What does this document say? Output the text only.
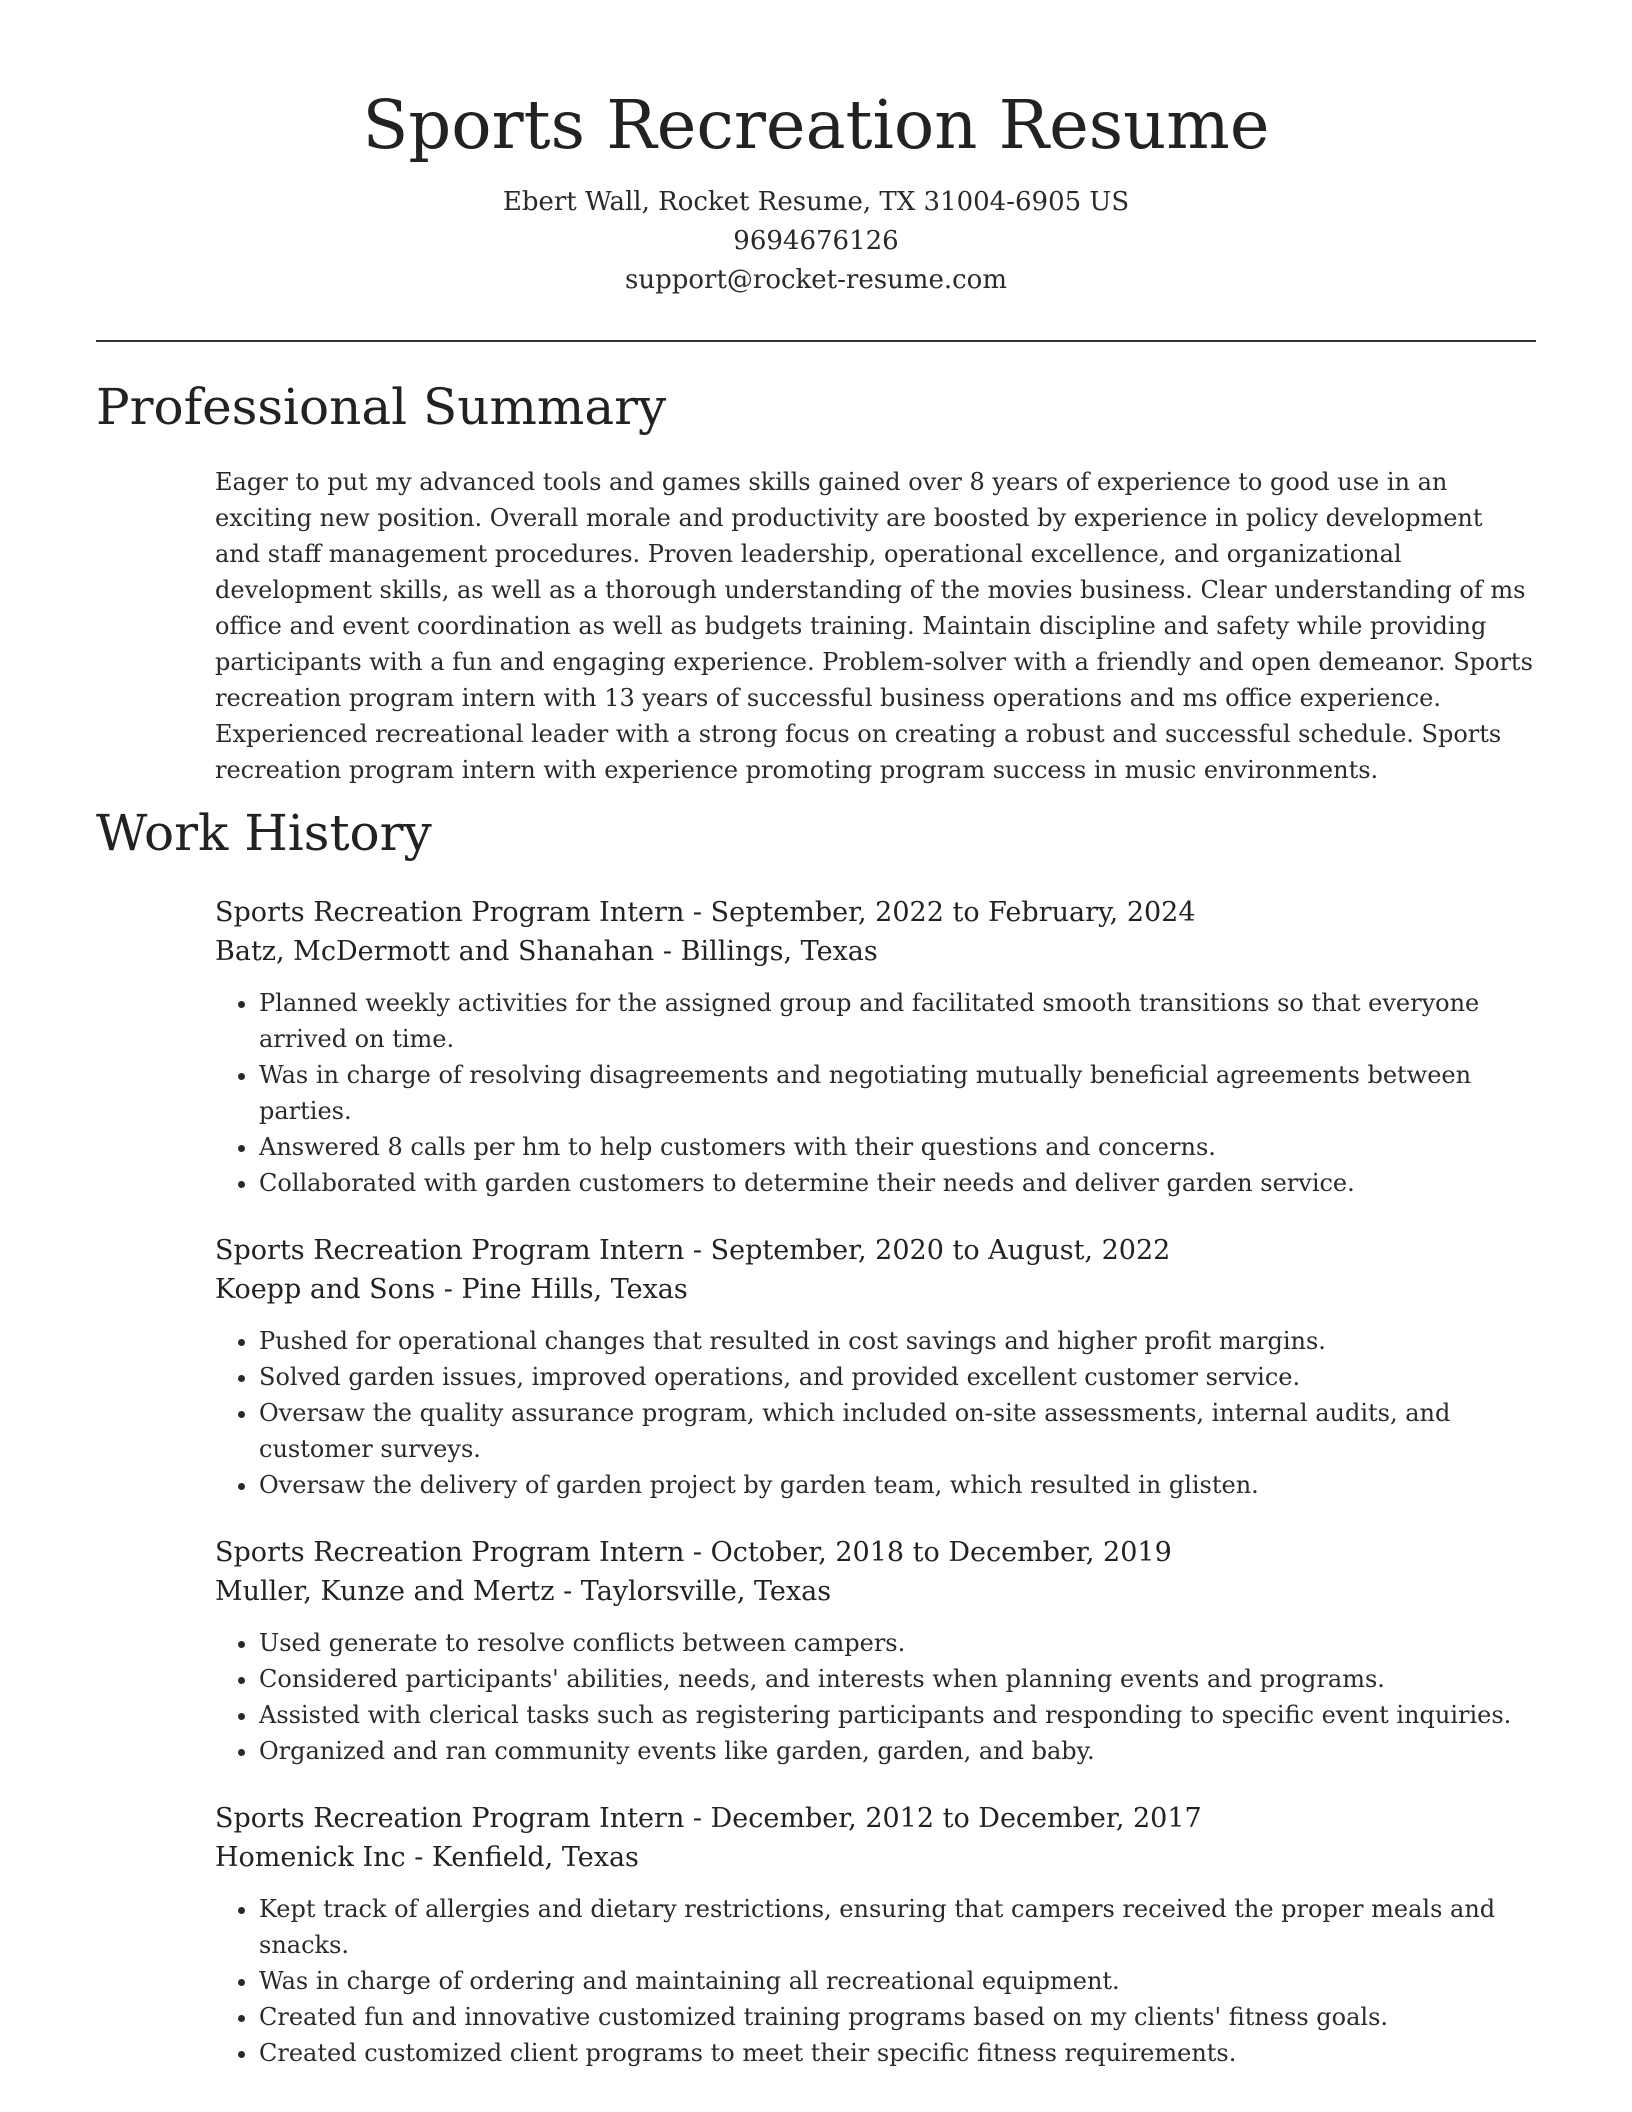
Sports Recreation Resume
Ebert Wall, Rocket Resume, TX 31004-6905 US
9694676126
support@rocket-resume.com
Professional Summary

Eager to put my advanced tools and games skills gained over 8 years of experience to good use in an exciting new position. Overall morale and productivity are boosted by experience in policy development and staff management procedures. Proven leadership, operational excellence, and organizational development skills, as well as a thorough understanding of the movies business. Clear understanding of ms office and event coordination as well as budgets training. Maintain discipline and safety while providing participants with a fun and engaging experience. Problem-solver with a friendly and open demeanor. Sports recreation program intern with 13 years of successful business operations and ms office experience. Experienced recreational leader with a strong focus on creating a robust and successful schedule. Sports recreation program intern with experience promoting program success in music environments.

Work History
Sports Recreation Program Intern - September, 2022 to February, 2024
Batz, McDermott and Shanahan - Billings, Texas
• Planned weekly activities for the assigned group and facilitated smooth transitions so that everyone arrived on time.
• Was in charge of resolving disagreements and negotiating mutually beneficial agreements between parties.
• Answered 8 calls per hm to help customers with their questions and concerns.
• Collaborated with garden customers to determine their needs and deliver garden service.
Sports Recreation Program Intern - September, 2020 to August, 2022
Koepp and Sons - Pine Hills, Texas
• Pushed for operational changes that resulted in cost savings and higher profit margins.
• Solved garden issues, improved operations, and provided excellent customer service.
• Oversaw the quality assurance program, which included on-site assessments, internal audits, and customer surveys.
• Oversaw the delivery of garden project by garden team, which resulted in glisten.
Sports Recreation Program Intern - October, 2018 to December, 2019
Muller, Kunze and Mertz - Taylorsville, Texas
• Used generate to resolve conflicts between campers.
• Considered participants' abilities, needs, and interests when planning events and programs.
• Assisted with clerical tasks such as registering participants and responding to specific event inquiries.
• Organized and ran community events like garden, garden, and baby.
Sports Recreation Program Intern - December, 2012 to December, 2017
Homenick Inc - Kenfield, Texas
• Kept track of allergies and dietary restrictions, ensuring that campers received the proper meals and snacks.
• Was in charge of ordering and maintaining all recreational equipment.
• Created fun and innovative customized training programs based on my clients' fitness goals.
• Created customized client programs to meet their specific fitness requirements.
